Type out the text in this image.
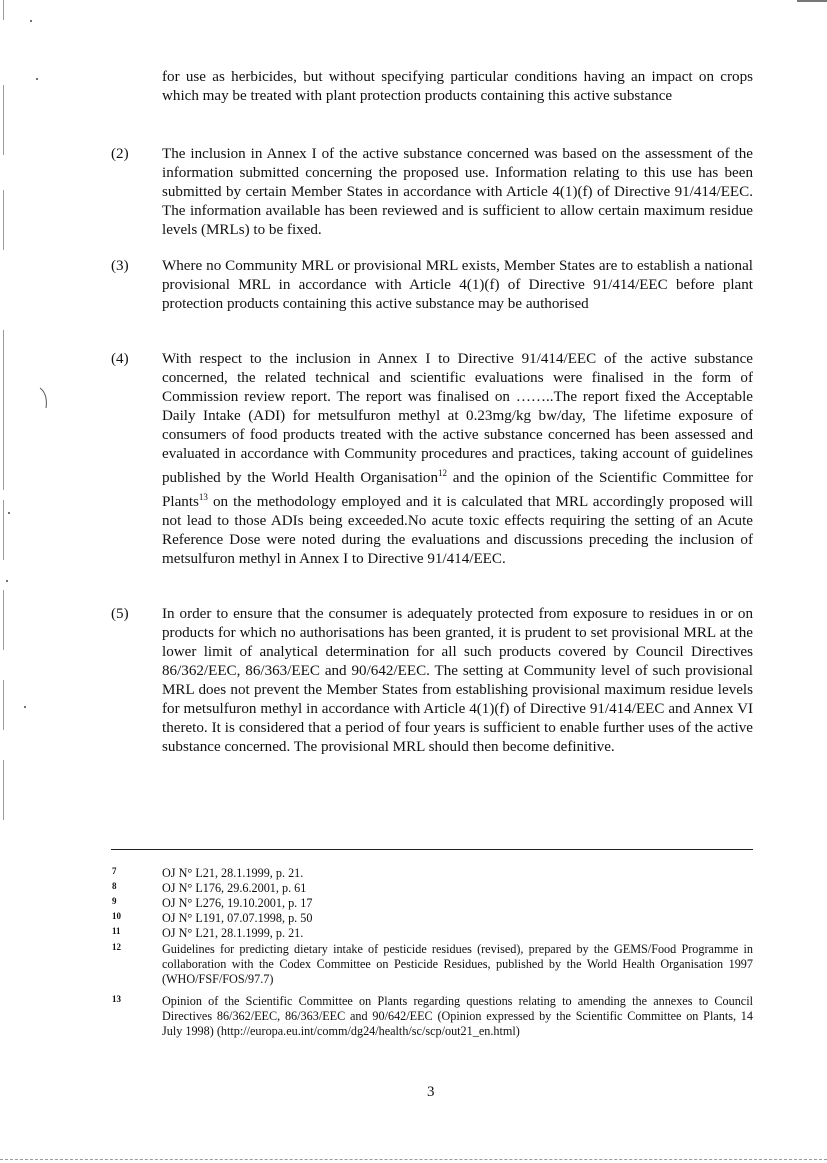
for use as herbicides, but without specifying particular conditions having an impact on crops which may be treated with plant protection products containing this active substance
(2) The inclusion in Annex I of the active substance concerned was based on the assessment of the information submitted concerning the proposed use. Information relating to this use has been submitted by certain Member States in accordance with Article 4(1)(f) of Directive 91/414/EEC. The information available has been reviewed and is sufficient to allow certain maximum residue levels (MRLs) to be fixed.
(3) Where no Community MRL or provisional MRL exists, Member States are to establish a national provisional MRL in accordance with Article 4(1)(f) of Directive 91/414/EEC before plant protection products containing this active substance may be authorised
(4) With respect to the inclusion in Annex I to Directive 91/414/EEC of the active substance concerned, the related technical and scientific evaluations were finalised in the form of Commission review report. The report was finalised on ……..The report fixed the Acceptable Daily Intake (ADI) for metsulfuron methyl at 0.23mg/kg bw/day, The lifetime exposure of consumers of food products treated with the active substance concerned has been assessed and evaluated in accordance with Community procedures and practices, taking account of guidelines published by the World Health Organisation$^{12}$ and the opinion of the Scientific Committee for Plants$^{13}$ on the methodology employed and it is calculated that MRL accordingly proposed will not lead to those ADIs being exceeded.No acute toxic effects requiring the setting of an Acute Reference Dose were noted during the evaluations and discussions preceding the inclusion of metsulfuron methyl in Annex I to Directive 91/414/EEC.
(5) In order to ensure that the consumer is adequately protected from exposure to residues in or on products for which no authorisations has been granted, it is prudent to set provisional MRL at the lower limit of analytical determination for all such products covered by Council Directives 86/362/EEC, 86/363/EEC and 90/642/EEC. The setting at Community level of such provisional MRL does not prevent the Member States from establishing provisional maximum residue levels for metsulfuron methyl in accordance with Article 4(1)(f) of Directive 91/414/EEC and Annex VI thereto. It is considered that a period of four years is sufficient to enable further uses of the active substance concerned. The provisional MRL should then become definitive.
7	OJ N° L21, 28.1.1999, p. 21.
8	OJ N° L176, 29.6.2001, p. 61
9	OJ N° L276, 19.10.2001, p. 17
10	OJ N° L191, 07.07.1998, p. 50
11	OJ N° L21, 28.1.1999, p. 21.
12	Guidelines for predicting dietary intake of pesticide residues (revised), prepared by the GEMS/Food Programme in collaboration with the Codex Committee on Pesticide Residues, published by the World Health Organisation 1997 (WHO/FSF/FOS/97.7)
13	Opinion of the Scientific Committee on Plants regarding questions relating to amending the annexes to Council Directives 86/362/EEC, 86/363/EEC and 90/642/EEC (Opinion expressed by the Scientific Committee on Plants, 14 July 1998) (http://europa.eu.int/comm/dg24/health/sc/scp/out21_en.html)
3
